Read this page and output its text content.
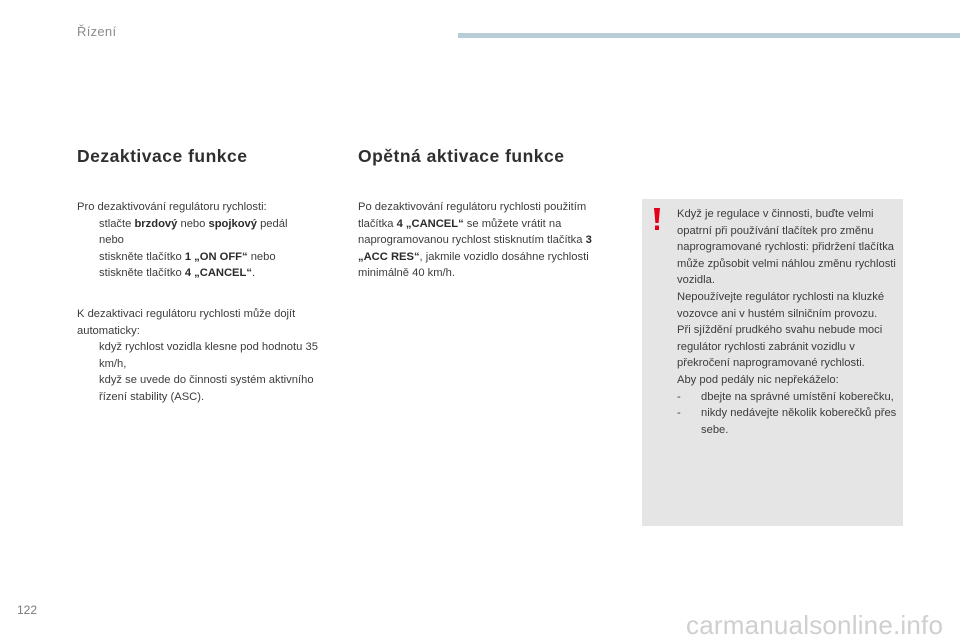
Řízení
Dezaktivace funkce
Pro dezaktivování regulátoru rychlosti:
stlačte brzdový nebo spojkový pedál
nebo
stiskněte tlačítko 1 „ON OFF“ nebo
stiskněte tlačítko 4 „CANCEL“.
K dezaktivaci regulátoru rychlosti může dojít automaticky:
když rychlost vozidla klesne pod hodnotu 35 km/h,
když se uvede do činnosti systém aktivního řízení stability (ASC).
Opětná aktivace funkce
Po dezaktivování regulátoru rychlosti použitím tlačítka 4 „CANCEL“ se můžete vrátit na naprogramovanou rychlost stisknutím tlačítka 3 „ACC RES“, jakmile vozidlo dosáhne rychlosti minimálně 40 km/h.
Když je regulace v činnosti, buďte velmi opatrní při používání tlačítek pro změnu naprogramované rychlosti: přidržení tlačítka může způsobit velmi náhlou změnu rychlosti vozidla.
Nepoužívejte regulátor rychlosti na kluzké vozovce ani v hustém silničním provozu.
Při sjíždění prudkého svahu nebude moci regulátor rychlosti zabránit vozidlu v překročení naprogramované rychlosti.
Aby pod pedály nic nepřekáželo:
- dbejte na správné umístění koberečku,
- nikdy nedávejte několik koberečků přes sebe.
122	carmanualsonline.info
